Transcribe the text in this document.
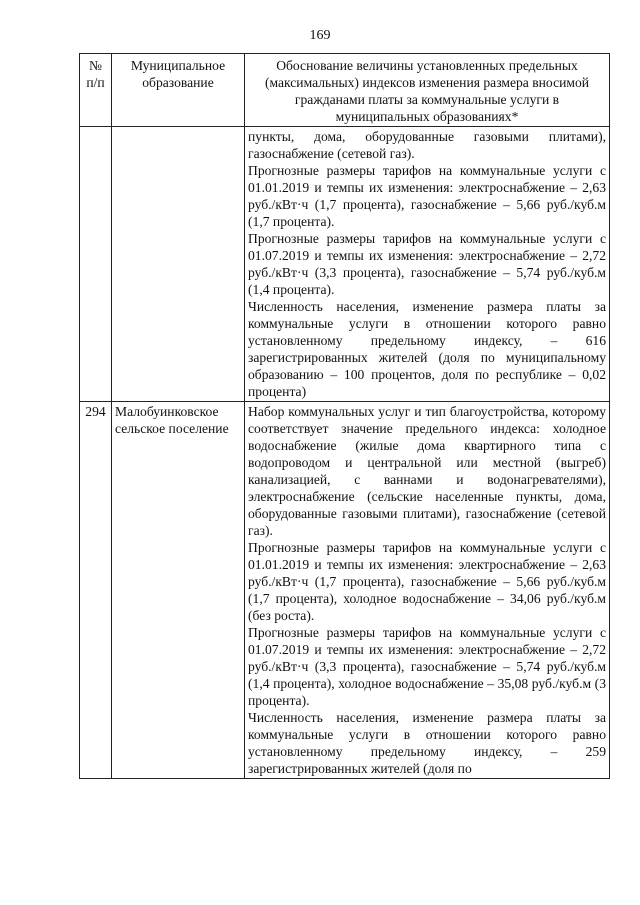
169
№ п/п	Муниципальное образование	Обоснование величины установленных предельных (максимальных) индексов изменения размера вносимой гражданами платы за коммунальные услуги в муниципальных образованиях*

		пункты, дома, оборудованные газовыми плитами), газоснабжение (сетевой газ).

Прогнозные размеры тарифов на коммунальные услуги с 01.01.2019 и темпы их изменения: электроснабжение – 2,63 руб./кВт·ч (1,7 процента), газоснабжение – 5,66 руб./куб.м (1,7 процента).

Прогнозные размеры тарифов на коммунальные услуги с 01.07.2019 и темпы их изменения: электроснабжение – 2,72 руб./кВт·ч (3,3 процента), газоснабжение – 5,74 руб./куб.м (1,4 процента).

Численность населения, изменение размера платы за коммунальные услуги в отношении которого равно установленному предельному индексу, – 616 зарегистрированных жителей (доля по муниципальному образованию – 100 процентов, доля по республике – 0,02 процента)

294	Малобуинковское сельское поселение	Набор коммунальных услуг и тип благоустройства, которому соответствует значение предельного индекса: холодное водоснабжение (жилые дома квартирного типа с водопроводом и центральной или местной (выгреб) канализацией, с ваннами и водонагревателями), электроснабжение (сельские населенные пункты, дома, оборудованные газовыми плитами), газоснабжение (сетевой газ).

Прогнозные размеры тарифов на коммунальные услуги с 01.01.2019 и темпы их изменения: электроснабжение – 2,63 руб./кВт·ч (1,7 процента), газоснабжение – 5,66 руб./куб.м (1,7 процента), холодное водоснабжение – 34,06 руб./куб.м (без роста).

Прогнозные размеры тарифов на коммунальные услуги с 01.07.2019 и темпы их изменения: электроснабжение – 2,72 руб./кВт·ч (3,3 процента), газоснабжение – 5,74 руб./куб.м (1,4 процента), холодное водоснабжение – 35,08 руб./куб.м (3 процента).

Численность населения, изменение размера платы за коммунальные услуги в отношении которого равно установленному предельному индексу, – 259 зарегистрированных жителей (доля по
